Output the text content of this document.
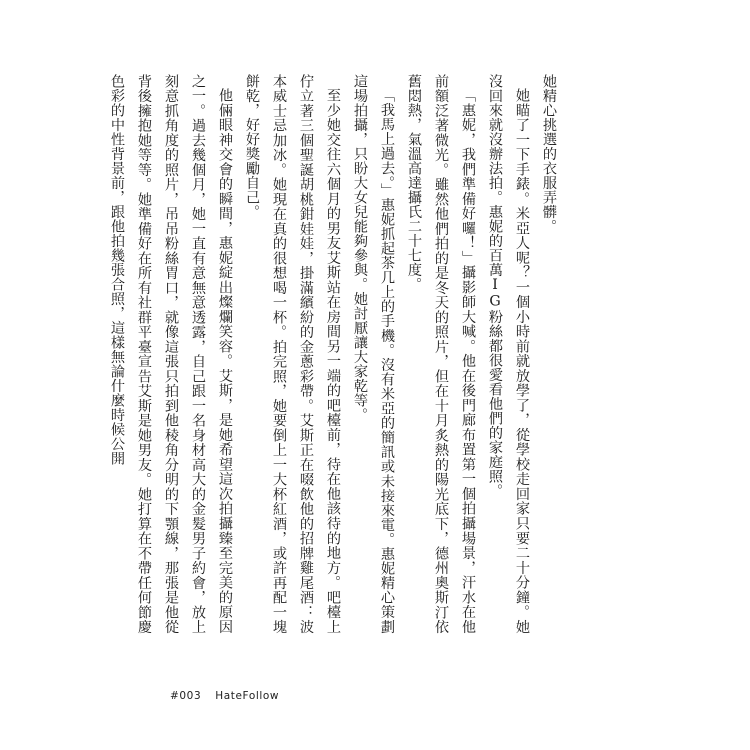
她精心挑選的衣服弄髒。

她瞄了一下手錶。米亞人呢？一個小時前就放學了，從學校走回家只要二十分鐘。她沒回來就沒辦法拍。惠妮的百萬IG粉絲都很愛看他們的家庭照。

「惠妮，我們準備好囉！」攝影師大喊。他在後門廊布置第一個拍攝場景，汗水在他前額泛著微光。雖然他們拍的是冬天的照片，但在十月炙熱的陽光底下，德州奧斯汀依舊悶熱，氣溫高達攝氏二十七度。

「我馬上過去。」惠妮抓起茶几上的手機。沒有米亞的簡訊或未接來電。惠妮精心策劃這場拍攝，只盼大女兒能夠參與。她討厭讓大家乾等。

至少她交往六個月的男友艾斯站在房間另一端的吧檯前，待在他該待的地方。吧檯上佇立著三個聖誕胡桃鉗娃娃，掛滿繽紛的金蔥彩帶。艾斯正在啜飲他的招牌雞尾酒：波本威士忌加冰。她現在真的很想喝一杯。拍完照，她要倒上一大杯紅酒，或許再配一塊餅乾，好好獎勵自己。

他倆眼神交會的瞬間，惠妮綻出燦爛笑容。艾斯，是她希望這次拍攝臻至完美的原因之一。過去幾個月，她一直有意無意透露，自己跟一名身材高大的金髮男子約會，放上刻意抓角度的照片，吊吊粉絲胃口，就像這張只拍到他稜角分明的下顎線，那張是他從背後擁抱她等等。她準備好在所有社群平臺宣告艾斯是她男友。她打算在不帶任何節慶色彩的中性背景前，跟他拍幾張合照，這樣無論什麼時候公開

#003 HateFollow
